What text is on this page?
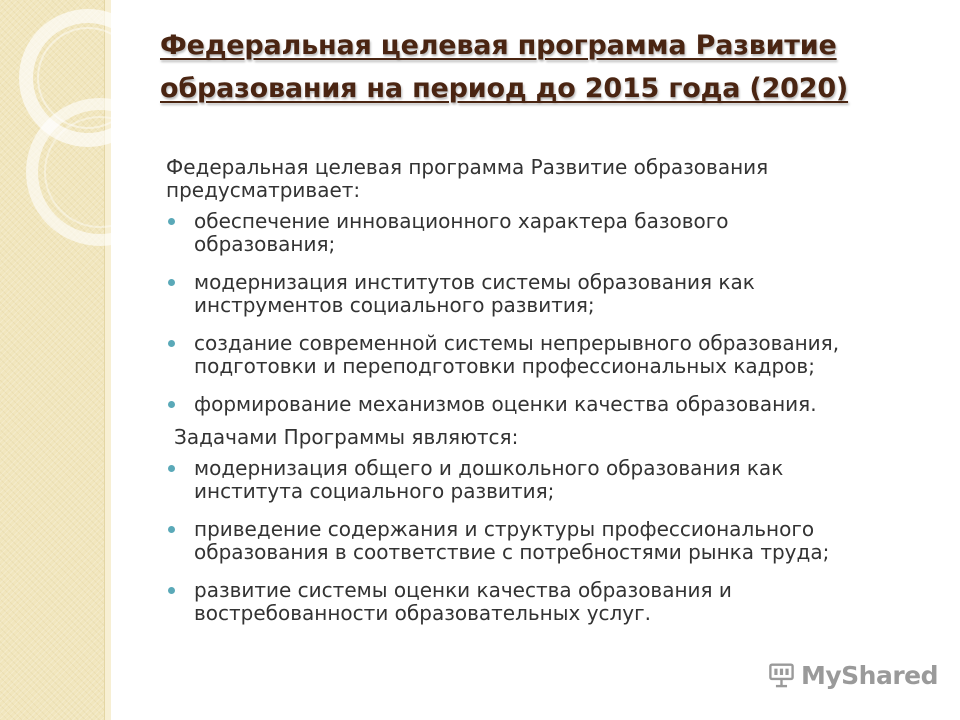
Федеральная целевая программа Развитие
образования на период до 2015 года (2020)

Федеральная целевая программа Развитие образования
предусматривает:

обеспечение инновационного характера базового
образования;
модернизация институтов системы образования как
инструментов социального развития;
создание современной системы непрерывного образования,
подготовки и переподготовки профессиональных кадров;
формирование механизмов оценки качества образования.

Задачами Программы являются:

модернизация общего и дошкольного образования как
института социального развития;
приведение содержания и структуры профессионального
образования в соответствие с потребностями рынка труда;
развитие системы оценки качества образования и
востребованности образовательных услуг.
MyShared
